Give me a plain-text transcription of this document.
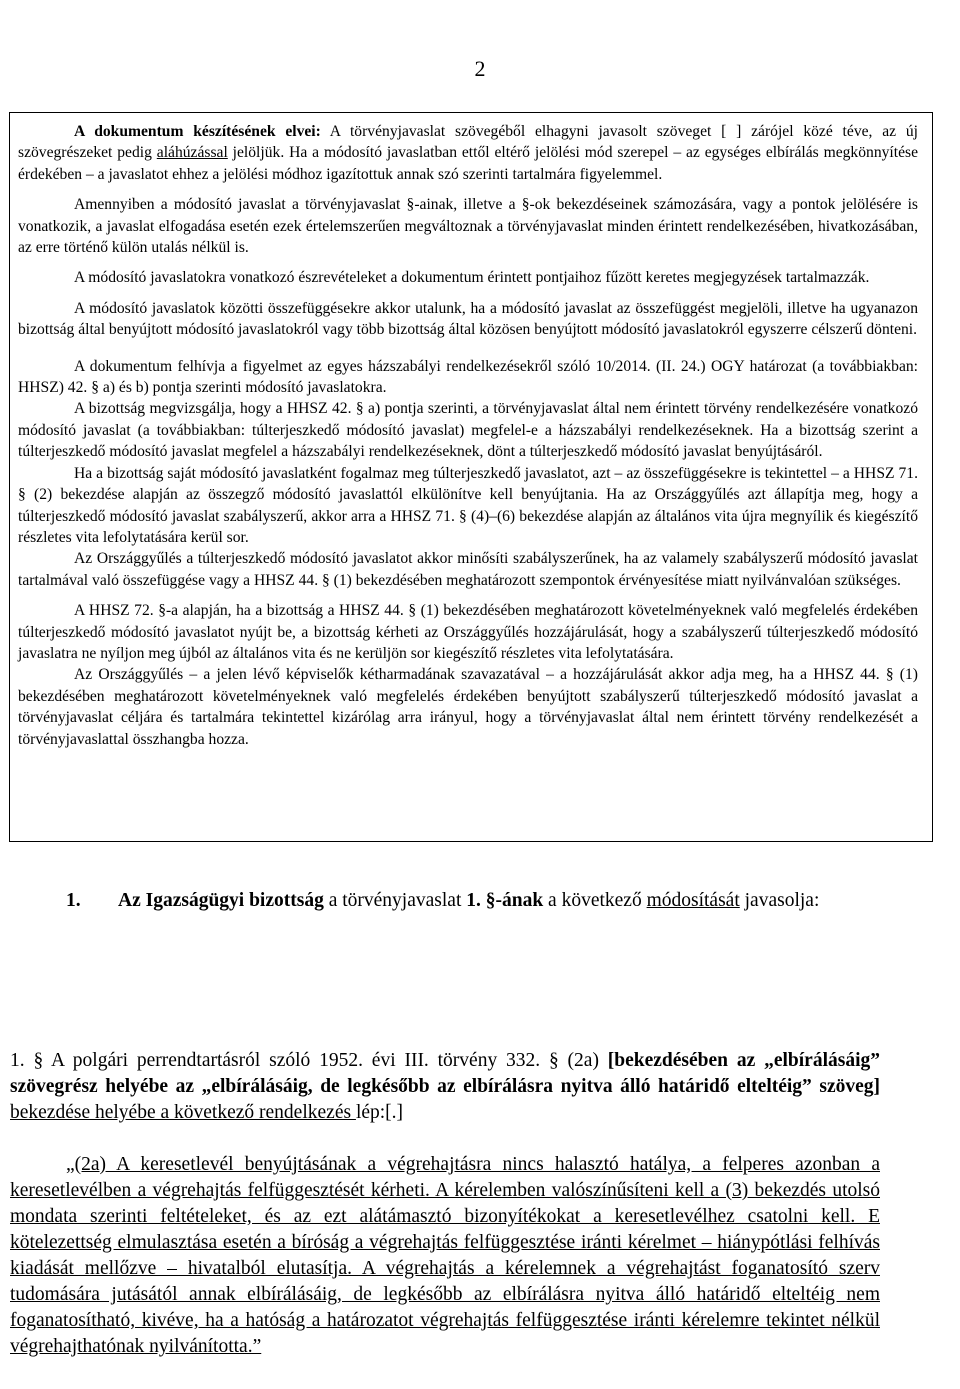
2

A dokumentum készítésének elvei: A törvényjavaslat szövegéből elhagyni javasolt szöveget [ ] zárójel közé téve, az új szövegrészeket pedig aláhúzással jelöljük. Ha a módosító javaslatban ettől eltérő jelölési mód szerepel – az egységes elbírálás megkönnyítése érdekében – a javaslatot ehhez a jelölési módhoz igazítottuk annak szó szerinti tartalmára figyelemmel.

Amennyiben a módosító javaslat a törvényjavaslat §-ainak, illetve a §-ok bekezdéseinek számozására, vagy a pontok jelölésére is vonatkozik, a javaslat elfogadása esetén ezek értelemszerűen megváltoznak a törvényjavaslat minden érintett rendelkezésében, hivatkozásában, az erre történő külön utalás nélkül is.

A módosító javaslatokra vonatkozó észrevételeket a dokumentum érintett pontjaihoz fűzött keretes megjegyzések tartalmazzák.

A módosító javaslatok közötti összefüggésekre akkor utalunk, ha a módosító javaslat az összefüggést megjelöli, illetve ha ugyanazon bizottság által benyújtott módosító javaslatokról vagy több bizottság által közösen benyújtott módosító javaslatokról egyszerre célszerű dönteni.

A dokumentum felhívja a figyelmet az egyes házszabályi rendelkezésekről szóló 10/2014. (II. 24.) OGY határozat (a továbbiakban: HHSZ) 42. § a) és b) pontja szerinti módosító javaslatokra.

A bizottság megvizsgálja, hogy a HHSZ 42. § a) pontja szerinti, a törvényjavaslat által nem érintett törvény rendelkezésére vonatkozó módosító javaslat (a továbbiakban: túlterjeszkedő módosító javaslat) megfelel-e a házszabályi rendelkezéseknek. Ha a bizottság szerint a túlterjeszkedő módosító javaslat megfelel a házszabályi rendelkezéseknek, dönt a túlterjeszkedő módosító javaslat benyújtásáról.

Ha a bizottság saját módosító javaslatként fogalmaz meg túlterjeszkedő javaslatot, azt – az összefüggésekre is tekintettel – a HHSZ 71. § (2) bekezdése alapján az összegző módosító javaslattól elkülönítve kell benyújtania. Ha az Országgyűlés azt állapítja meg, hogy a túlterjeszkedő módosító javaslat szabályszerű, akkor arra a HHSZ 71. § (4)–(6) bekezdése alapján az általános vita újra megnyílik és kiegészítő részletes vita lefolytatására kerül sor.

Az Országgyűlés a túlterjeszkedő módosító javaslatot akkor minősíti szabályszerűnek, ha az valamely szabályszerű módosító javaslat tartalmával való összefüggése vagy a HHSZ 44. § (1) bekezdésében meghatározott szempontok érvényesítése miatt nyilvánvalóan szükséges.

A HHSZ 72. §-a alapján, ha a bizottság a HHSZ 44. § (1) bekezdésében meghatározott követelményeknek való megfelelés érdekében túlterjeszkedő módosító javaslatot nyújt be, a bizottság kérheti az Országgyűlés hozzájárulását, hogy a szabályszerű túlterjeszkedő módosító javaslatra ne nyíljon meg újból az általános vita és ne kerüljön sor kiegészítő részletes vita lefolytatására.

Az Országgyűlés – a jelen lévő képviselők kétharmadának szavazatával – a hozzájárulását akkor adja meg, ha a HHSZ 44. § (1) bekezdésében meghatározott követelményeknek való megfelelés érdekében benyújtott szabályszerű túlterjeszkedő módosító javaslat a törvényjavaslat céljára és tartalmára tekintettel kizárólag arra irányul, hogy a törvényjavaslat által nem érintett törvény rendelkezését a törvényjavaslattal összhangba hozza.

1. Az Igazságügyi bizottság a törvényjavaslat 1. §-ának a következő módosítását javasolja:
1. § A polgári perrendtartásról szóló 1952. évi III. törvény 332. § (2a) [bekezdésében az „elbírálásáig” szövegrész helyébe az „elbírálásáig, de legkésőbb az elbírálásra nyitva álló határidő elteltéig” szöveg] bekezdése helyébe a következő rendelkezés lép:[.]

„(2a) A keresetlevél benyújtásának a végrehajtásra nincs halasztó hatálya, a felperes azonban a keresetlevélben a végrehajtás felfüggesztését kérheti. A kérelemben valószínűsíteni kell a (3) bekezdés utolsó mondata szerinti feltételeket, és az ezt alátámasztó bizonyítékokat a keresetlevélhez csatolni kell. E kötelezettség elmulasztása esetén a bíróság a végrehajtás felfüggesztése iránti kérelmet – hiánypótlási felhívás kiadását mellőzve – hivatalból elutasítja. A végrehajtás a kérelemnek a végrehajtást foganatosító szerv tudomására jutásától annak elbírálásáig, de legkésőbb az elbírálásra nyitva álló határidő elteltéig nem foganatosítható, kivéve, ha a hatóság a határozatot végrehajtás felfüggesztése iránti kérelemre tekintet nélkül végrehajthatónak nyilvánította.”
